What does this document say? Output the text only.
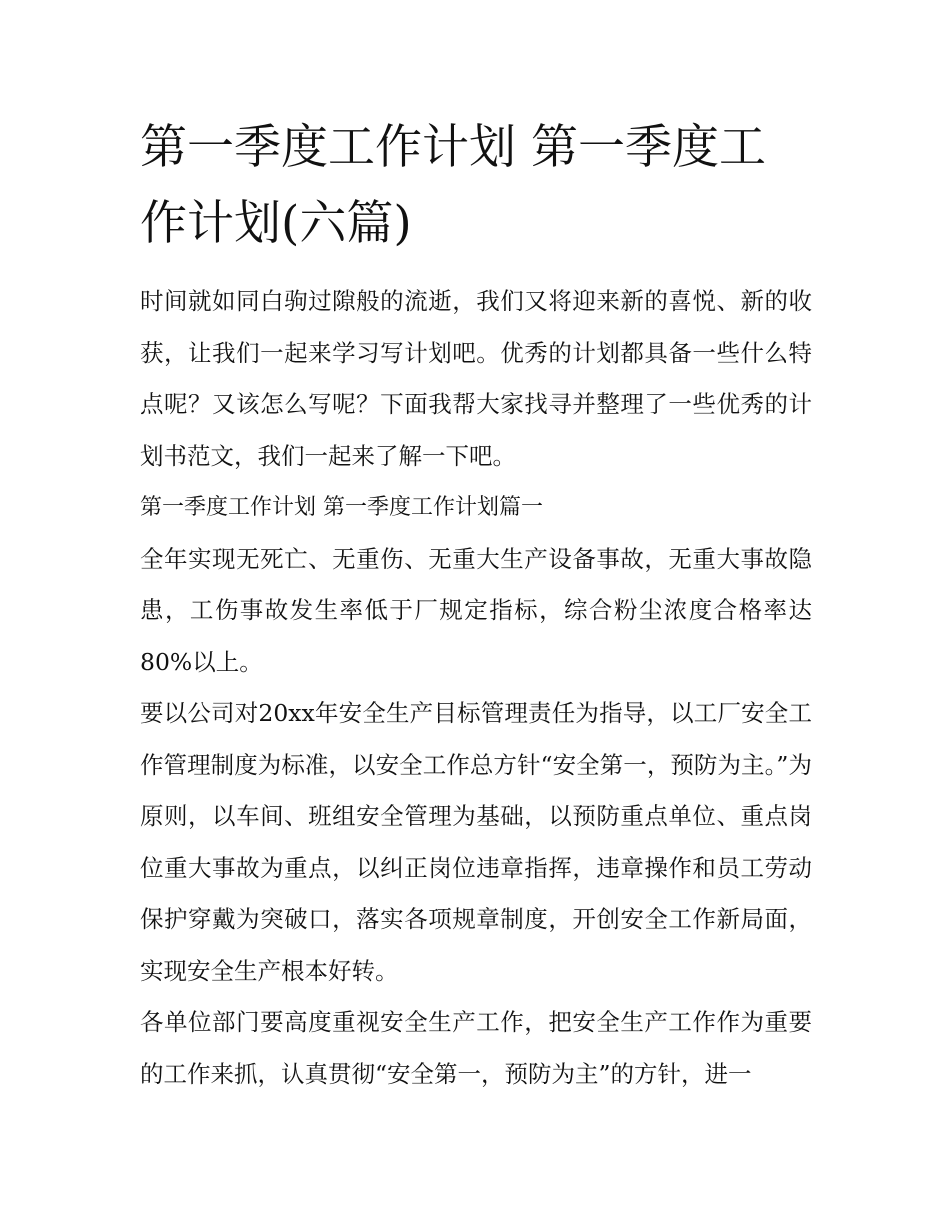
第一季度工作计划 第一季度工作计划(六篇)

时间就如同白驹过隙般的流逝，我们又将迎来新的喜悦、新的收获，让我们一起来学习写计划吧。优秀的计划都具备一些什么特点呢？又该怎么写呢？下面我帮大家找寻并整理了一些优秀的计划书范文，我们一起来了解一下吧。

第一季度工作计划 第一季度工作计划篇一

全年实现无死亡、无重伤、无重大生产设备事故，无重大事故隐患，工伤事故发生率低于厂规定指标，综合粉尘浓度合格率达80%以上。

要以公司对20xx年安全生产目标管理责任为指导，以工厂安全工作管理制度为标准，以安全工作总方针“安全第一，预防为主。”为原则，以车间、班组安全管理为基础，以预防重点单位、重点岗位重大事故为重点，以纠正岗位违章指挥，违章操作和员工劳动保护穿戴为突破口，落实各项规章制度，开创安全工作新局面，实现安全生产根本好转。

各单位部门要高度重视安全生产工作，把安全生产工作作为重要的工作来抓，认真贯彻“安全第一，预防为主”的方针，进一
